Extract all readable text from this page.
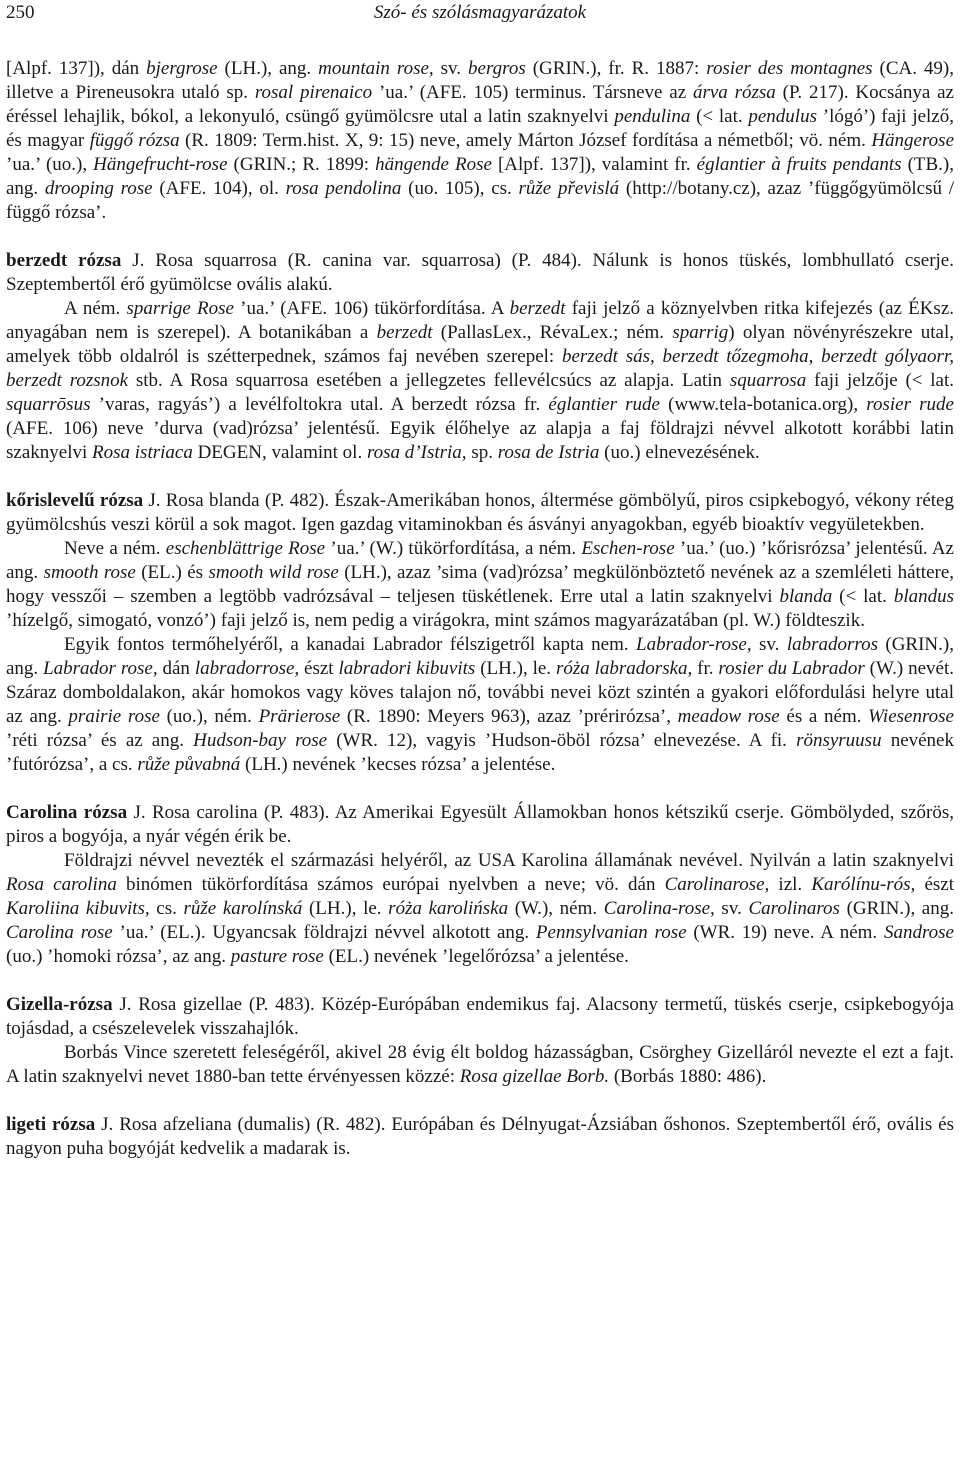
250	Szó- és szólásmagyarázatok

[Alpf. 137]), dán bjergrose (LH.), ang. mountain rose, sv. bergros (GRIN.), fr. R. 1887: rosier des montagnes (CA. 49), illetve a Pireneusokra utaló sp. rosal pirenaico ’ua.’ (AFE. 105) terminus. Társneve az árva rózsa (P. 217). Kocsánya az éréssel lehajlik, bókol, a lekonyuló, csüngő gyümölcsre utal a latin szaknyelvi pendulina (< lat. pendulus ’lógó’) faji jelző, és magyar függő rózsa (R. 1809: Term.hist. X, 9: 15) neve, amely Márton József fordítása a németből; vö. ném. Hängerose ’ua.’ (uo.), Hängefrucht-rose (GRIN.; R. 1899: hängende Rose [Alpf. 137]), valamint fr. églantier à fruits pendants (TB.), ang. drooping rose (AFE. 104), ol. rosa pendolina (uo. 105), cs. růže převislá (http://botany.cz), azaz ’függőgyümölcsű / függő rózsa’.

berzedt rózsa J. Rosa squarrosa (R. canina var. squarrosa) (P. 484). Nálunk is honos tüskés, lombhullató cserje. Szeptembertől érő gyümölcse ovális alakú.

A ném. sparrige Rose ’ua.’ (AFE. 106) tükörfordítása. A berzedt faji jelző a köznyelvben ritka kifejezés (az ÉKsz. anyagában nem is szerepel). A botanikában a berzedt (PallasLex., RévaLex.; ném. sparrig) olyan növényrészekre utal, amelyek több oldalról is szétterpednek, számos faj nevében szerepel: berzedt sás, berzedt tőzegmoha, berzedt gólyaorr, berzedt rozsnok stb. A Rosa squarrosa esetében a jellegzetes fellevélcsúcs az alapja. Latin squarrosa faji jelzője (< lat. squarrōsus ’varas, ragyás’) a levélfoltokra utal. A berzedt rózsa fr. églantier rude (www.tela-botanica.org), rosier rude (AFE. 106) neve ’durva (vad)rózsa’ jelentésű. Egyik élőhelye az alapja a faj földrajzi névvel alkotott korábbi latin szaknyelvi Rosa istriaca DEGEN, valamint ol. rosa d’Istria, sp. rosa de Istria (uo.) elnevezésének.

kőrislevelű rózsa J. Rosa blanda (P. 482). Észak-Amerikában honos, áltermése gömbölyű, piros csipkebogyó, vékony réteg gyümölcshús veszi körül a sok magot. Igen gazdag vitaminokban és ásványi anyagokban, egyéb bioaktív vegyületekben.

Neve a ném. eschenblättrige Rose ’ua.’ (W.) tükörfordítása, a ném. Eschen-rose ’ua.’ (uo.) ’kőrisrózsa’ jelentésű. Az ang. smooth rose (EL.) és smooth wild rose (LH.), azaz ’sima (vad)rózsa’ megkülönböztető nevének az a szemléleti háttere, hogy vesszői – szemben a legtöbb vadrózsával – teljesen tüskétlenek. Erre utal a latin szaknyelvi blanda (< lat. blandus ’hízelgő, simogató, vonzó’) faji jelző is, nem pedig a virágokra, mint számos magyarázatában (pl. W.) földteszik.

Egyik fontos termőhelyéről, a kanadai Labrador félszigetről kapta nem. Labrador-rose, sv. labradorros (GRIN.), ang. Labrador rose, dán labradorrose, észt labradori kibuvits (LH.), le. róża labradorska, fr. rosier du Labrador (W.) nevét. Száraz domboldalakon, akár homokos vagy köves talajon nő, további nevei közt szintén a gyakori előfordulási helyre utal az ang. prairie rose (uo.), ném. Prärierose (R. 1890: Meyers 963), azaz ’prérirózsa’, meadow rose és a ném. Wiesenrose ’réti rózsa’ és az ang. Hudson-bay rose (WR. 12), vagyis ’Hudson-öböl rózsa’ elnevezése. A fi. rönsyruusu nevének ’futórózsa’, a cs. růže půvabná (LH.) nevének ’kecses rózsa’ a jelentése.

Carolina rózsa J. Rosa carolina (P. 483). Az Amerikai Egyesült Államokban honos kétszikű cserje. Gömbölyded, szőrös, piros a bogyója, a nyár végén érik be.

Földrajzi névvel nevezték el származási helyéről, az USA Karolina államának nevével. Nyilván a latin szaknyelvi Rosa carolina binómen tükörfordítása számos európai nyelvben a neve; vö. dán Carolinarose, izl. Karólínu-rós, észt Karoliina kibuvits, cs. růže karolínská (LH.), le. róża karolińska (W.), ném. Carolina-rose, sv. Carolinaros (GRIN.), ang. Carolina rose ’ua.’ (EL.). Ugyancsak földrajzi névvel alkotott ang. Pennsylvanian rose (WR. 19) neve. A ném. Sandrose (uo.) ’homoki rózsa’, az ang. pasture rose (EL.) nevének ’legelőrózsa’ a jelentése.

Gizella-rózsa J. Rosa gizellae (P. 483). Közép-Európában endemikus faj. Alacsony termetű, tüskés cserje, csipkebogyója tojásdad, a csészelevelek visszahajlók.

Borbás Vince szeretett feleségéről, akivel 28 évig élt boldog házasságban, Csörghey Gizelláról nevezte el ezt a fajt. A latin szaknyelvi nevet 1880-ban tette érvényessen közzé: Rosa gizellae Borb. (Borbás 1880: 486).

ligeti rózsa J. Rosa afzeliana (dumalis) (R. 482). Európában és Délnyugat-Ázsiában őshonos. Szeptembertől érő, ovális és nagyon puha bogyóját kedvelik a madarak is.
